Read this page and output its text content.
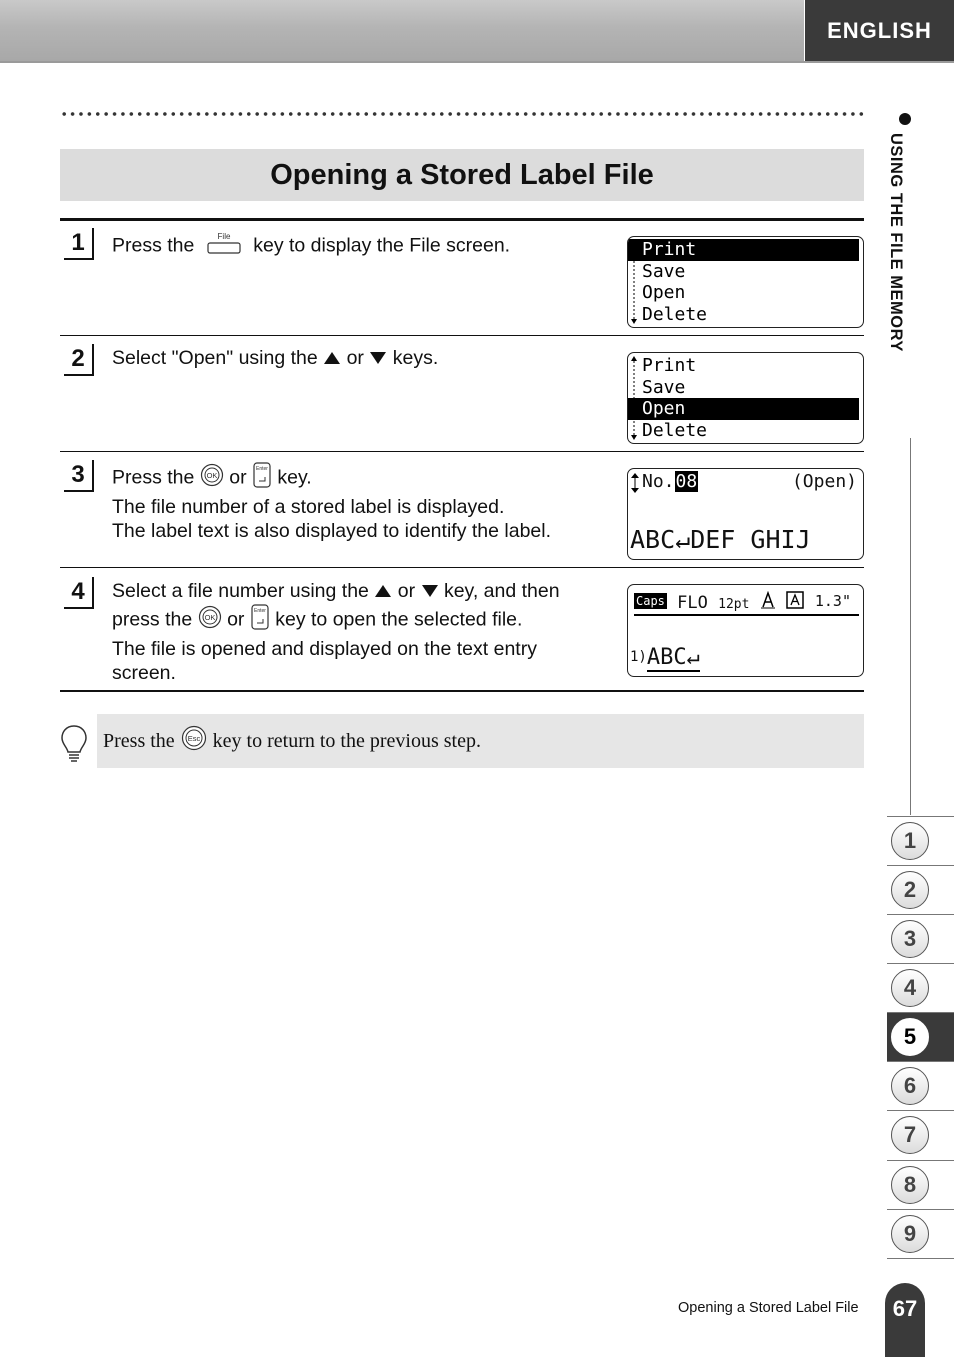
ENGLISH
Opening a Stored Label File
1	Press the	File key to display the File screen.	Print
Save
Open
Delete
2	Select "Open" using the or keys.	Print
Save
Open
Delete
3	Press the OK or Enter key.
The file number of a stored label is displayed.
The label text is also displayed to identify the label.
No.08	(Open)
ABC↵DEF GHIJ
4	Select a file number using the or key, and then
press the OK or Enter key to open the selected file.
The file is opened and displayed on the text entry
screen.
Caps FLO 12pt	1.3"
1)ABC↵
Press the Esc key to return to the previous step.
USING THE FILE MEMORY
1
2
3
4
5
6
7
8
9
Opening a Stored Label File 67
